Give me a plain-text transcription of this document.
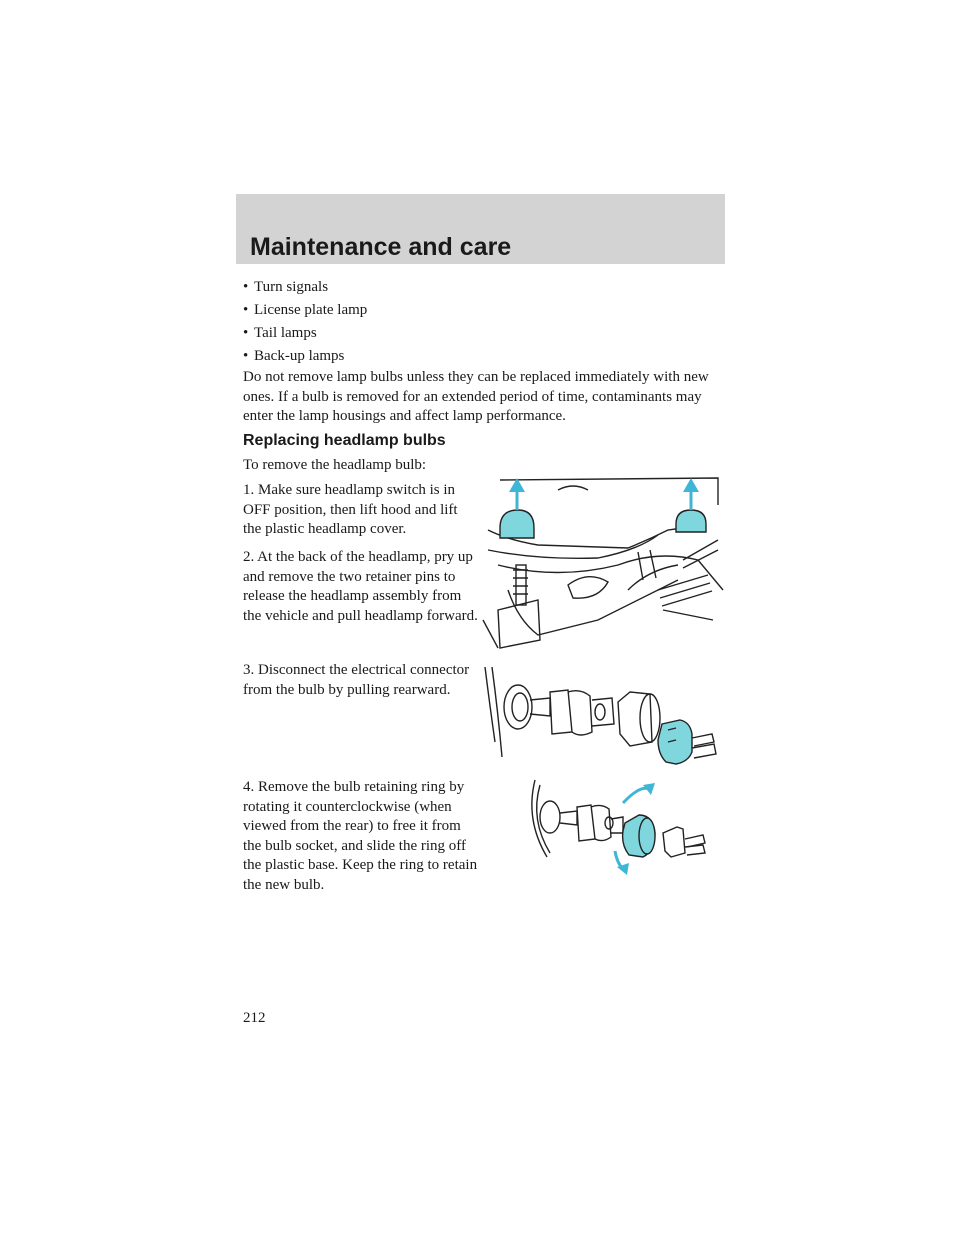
Maintenance and care
• Turn signals
• License plate lamp
• Tail lamps
• Back-up lamps

Do not remove lamp bulbs unless they can be replaced immediately with new ones. If a bulb is removed for an extended period of time, contaminants may enter the lamp housings and affect lamp performance.

Replacing headlamp bulbs

To remove the headlamp bulb:

1. Make sure headlamp switch is in OFF position, then lift hood and lift the plastic headlamp cover.

2. At the back of the headlamp, pry up and remove the two retainer pins to release the headlamp assembly from the vehicle and pull headlamp forward.

3. Disconnect the electrical connector from the bulb by pulling rearward.

4. Remove the bulb retaining ring by rotating it counterclockwise (when viewed from the rear) to free it from the bulb socket, and slide the ring off the plastic base. Keep the ring to retain the new bulb.

212
